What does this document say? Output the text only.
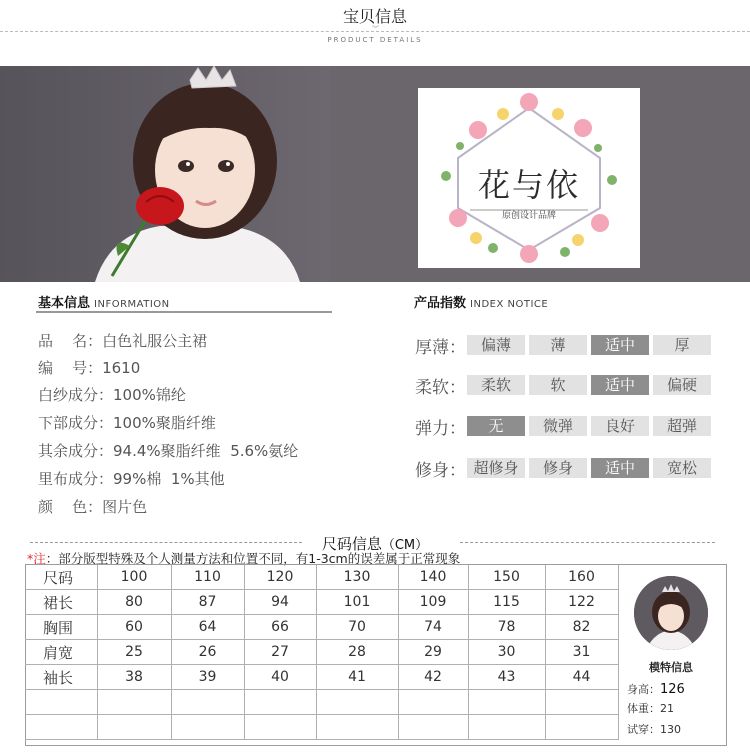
宝贝信息
︾
PRODUCT DETAILS
花与依
原创设计品牌
基本信息 INFORMATION
品    名：白色礼服公主裙
编    号：1610
白纱成分：100%锦纶
下部成分：100%聚脂纤维
其余成分：94.4%聚脂纤维  5.6%氨纶
里布成分：99%棉  1%其他
颜    色：图片色
产品指数 INDEX NOTICE
厚薄： 偏薄	薄	适中	厚
柔软： 柔软	软	适中	偏硬
弹力：	无	微弹	良好	超弹
修身： 超修身	修身	适中	宽松
尺码信息（CM）
*注：部分版型特殊及个人测量方法和位置不同，有1-3cm的误差属于正常现象
尺码	100	110	120	130	140	150	160
裙长	80	87	94	101	109	115	122
胸围	60	64	66	70	74	78	82
肩宽	25	26	27	28	29	30	31
袖长	38	39	40	41	42	43	44

模特信息
身高：126
体重：21
试穿：130
